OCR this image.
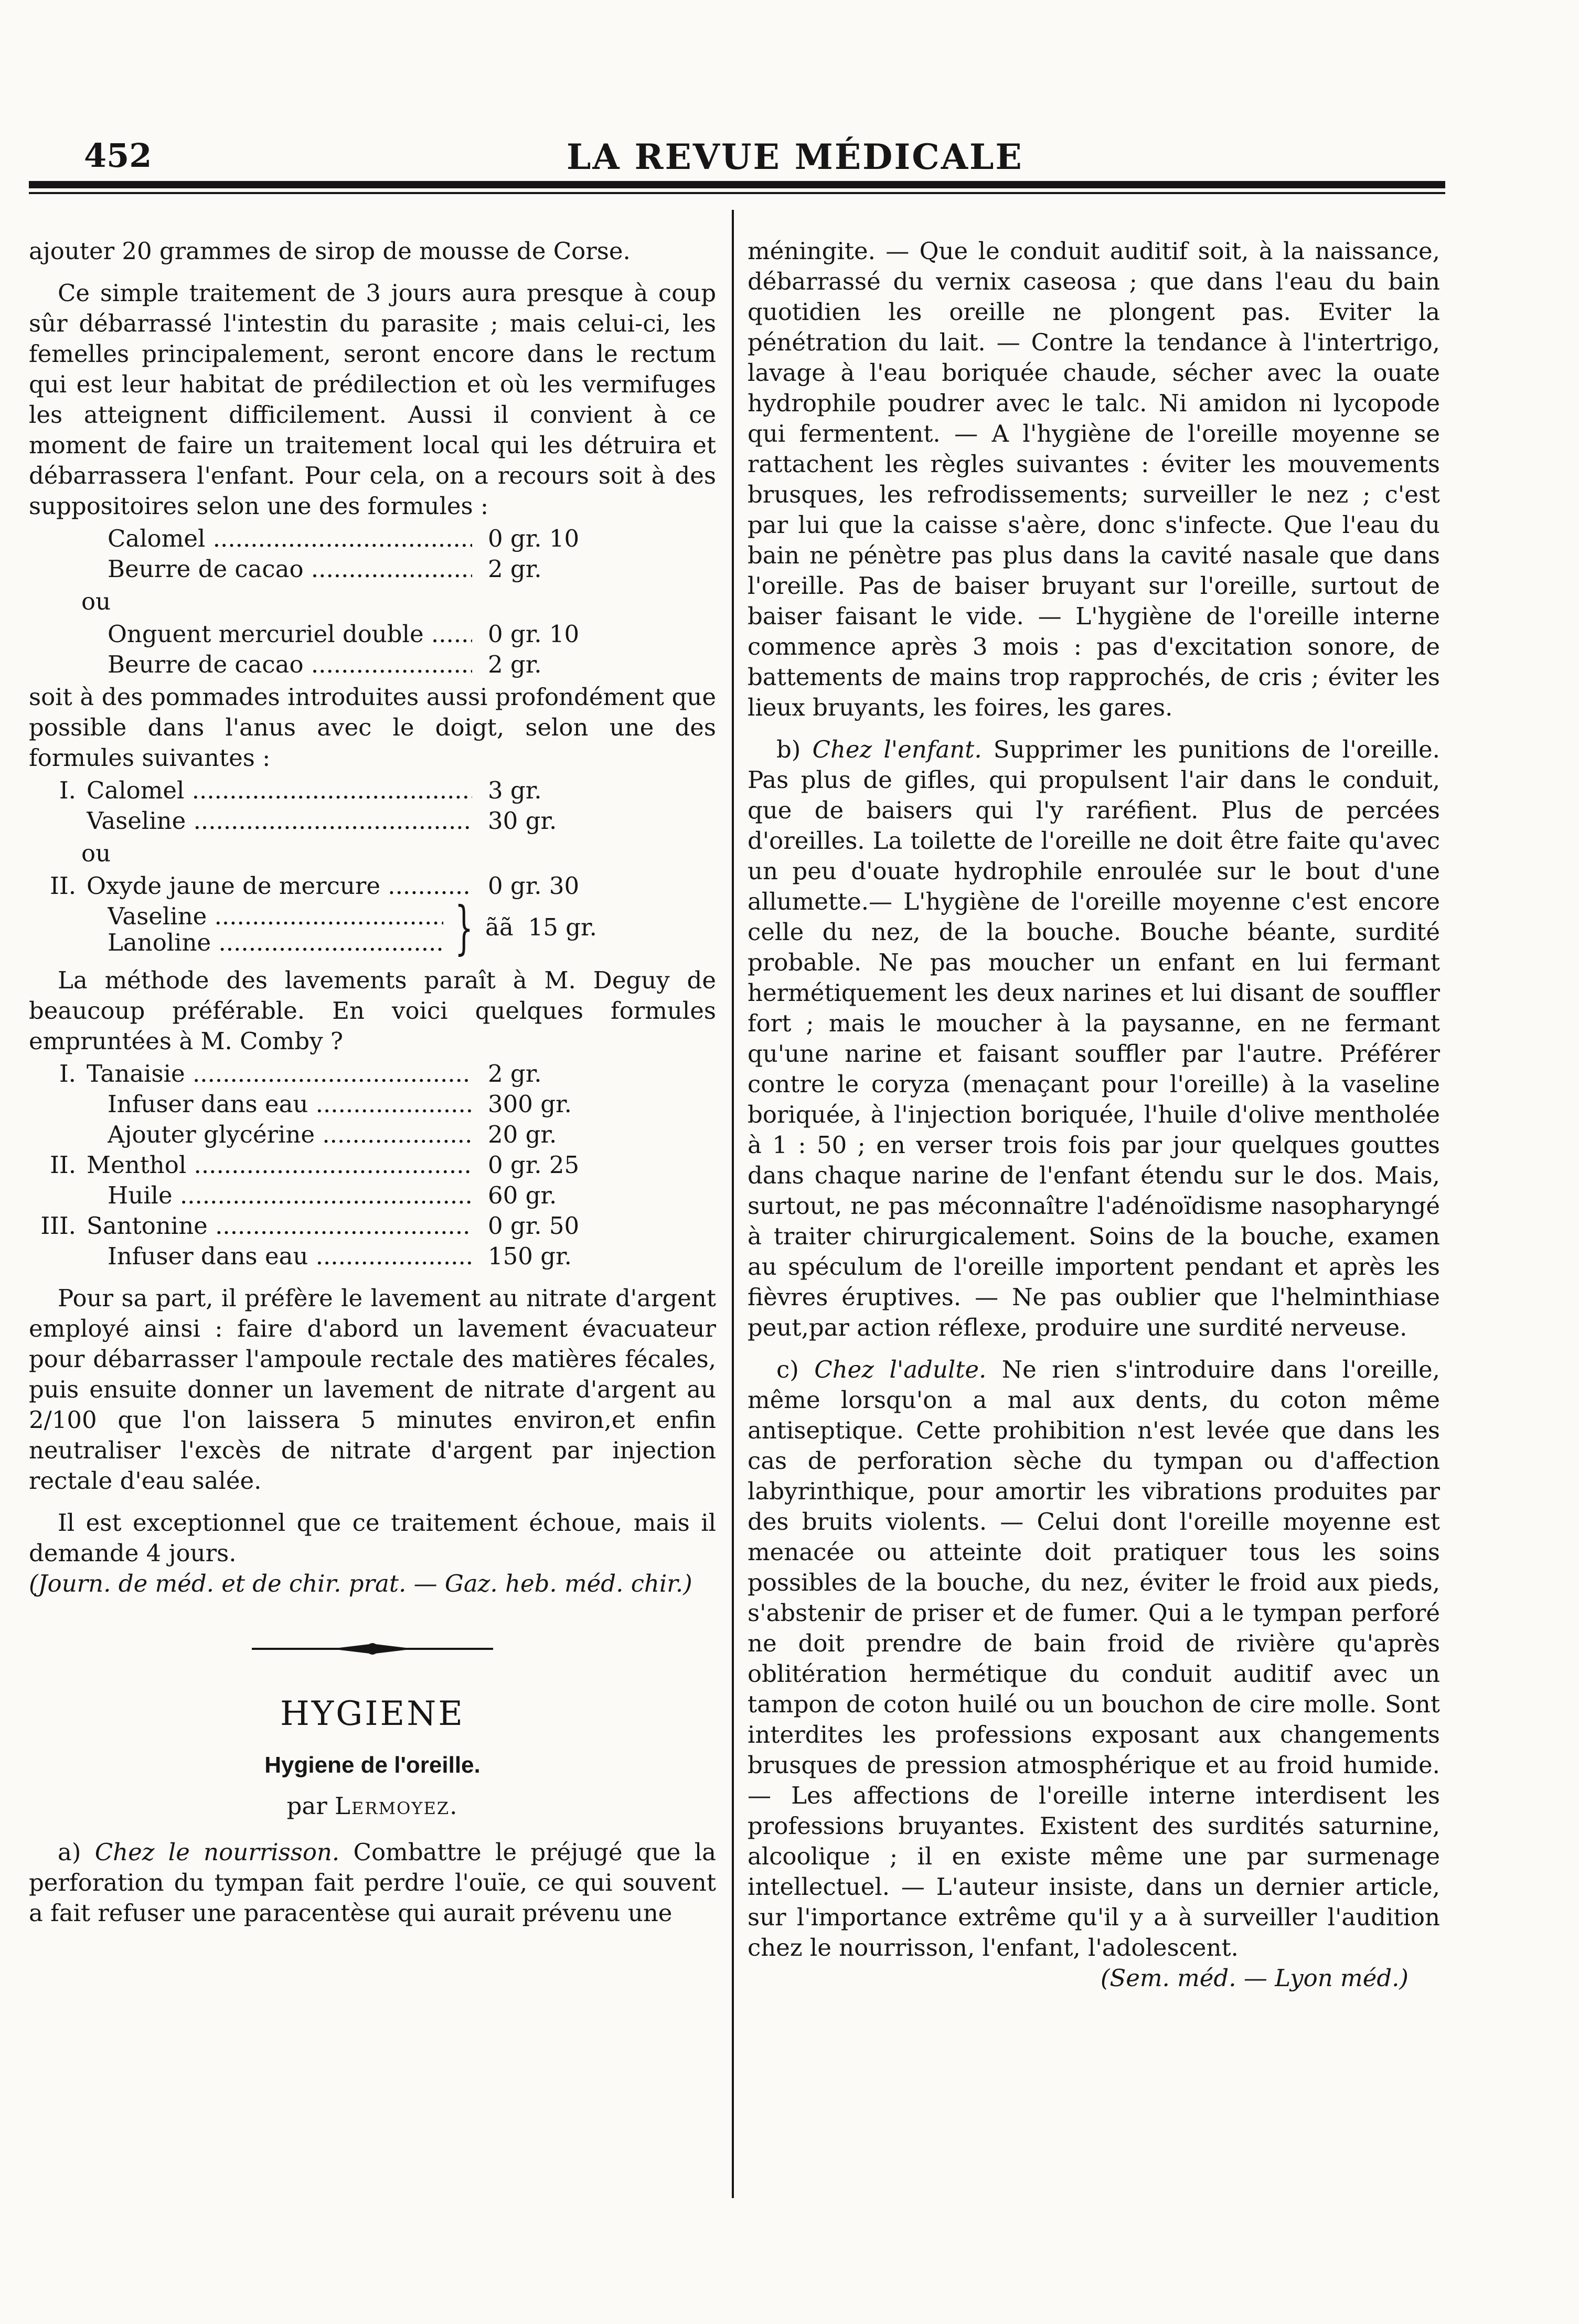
452	LA REVUE MÉDICALE

ajouter 20 grammes de sirop de mousse de Corse.

Ce simple traitement de 3 jours aura presque à coup sûr débarrassé l'intestin du parasite ; mais celui-ci, les femelles principalement, seront encore dans le rectum qui est leur habitat de prédilection et où les vermifuges les atteignent difficilement. Aussi il convient à ce moment de faire un traitement local qui les détruira et débarrassera l'enfant. Pour cela, on a recours soit à des suppositoires selon une des formules :

Calomel .....	0 gr. 10
Beurre de cacao .....	2 gr.
ou
Onguent mercuriel double .....	0 gr. 10
Beurre de cacao .....	2 gr.

soit à des pommades introduites aussi profondément que possible dans l'anus avec le doigt, selon une des formules suivantes :

I. Calomel .....	3 gr.
Vaseline .....	30 gr.
ou
II. Oxyde jaune de mercure .....	0 gr. 30
Vaseline .....
Lanoline .....	} ãã 15 gr.

La méthode des lavements paraît à M. Deguy de beaucoup préférable. En voici quelques formules empruntées à M. Comby ?

I. Tanaisie .....	2 gr.
Infuser dans eau .....	300 gr.
Ajouter glycérine .....	20 gr.
II. Menthol .....	0 gr. 25
Huile .....	60 gr.
III. Santonine .....	0 gr. 50
Infuser dans eau .....	150 gr.

Pour sa part, il préfère le lavement au nitrate d'argent employé ainsi : faire d'abord un lavement évacuateur pour débarrasser l'ampoule rectale des matières fécales, puis ensuite donner un lavement de nitrate d'argent au 2/100 que l'on laissera 5 minutes environ,et enfin neutraliser l'excès de nitrate d'argent par injection rectale d'eau salée.

Il est exceptionnel que ce traitement échoue, mais il demande 4 jours.

(Journ. de méd. et de chir. prat. — Gaz. heb. méd. chir.)

HYGIENE
Hygiene de l'oreille.
par Lermoyez.

a) Chez le nourrisson. Combattre le préjugé que la perforation du tympan fait perdre l'ouïe, ce qui souvent a fait refuser une paracentèse qui aurait prévenu une

méningite. — Que le conduit auditif soit, à la naissance, débarrassé du vernix caseosa ; que dans l'eau du bain quotidien les oreille ne plongent pas. Eviter la pénétration du lait. — Contre la tendance à l'intertrigo, lavage à l'eau boriquée chaude, sécher avec la ouate hydrophile poudrer avec le talc. Ni amidon ni lycopode qui fermentent. — A l'hygiène de l'oreille moyenne se rattachent les règles suivantes : éviter les mouvements brusques, les refrodissements; surveiller le nez ; c'est par lui que la caisse s'aère, donc s'infecte. Que l'eau du bain ne pénètre pas plus dans la cavité nasale que dans l'oreille. Pas de baiser bruyant sur l'oreille, surtout de baiser faisant le vide. — L'hygiène de l'oreille interne commence après 3 mois : pas d'excitation sonore, de battements de mains trop rapprochés, de cris ; éviter les lieux bruyants, les foires, les gares.

b) Chez l'enfant. Supprimer les punitions de l'oreille. Pas plus de gifles, qui propulsent l'air dans le conduit, que de baisers qui l'y raréfient. Plus de percées d'oreilles. La toilette de l'oreille ne doit être faite qu'avec un peu d'ouate hydrophile enroulée sur le bout d'une allumette.— L'hygiène de l'oreille moyenne c'est encore celle du nez, de la bouche. Bouche béante, surdité probable. Ne pas moucher un enfant en lui fermant hermétiquement les deux narines et lui disant de souffler fort ; mais le moucher à la paysanne, en ne fermant qu'une narine et faisant souffler par l'autre. Préférer contre le coryza (menaçant pour l'oreille) à la vaseline boriquée, à l'injection boriquée, l'huile d'olive mentholée à 1 : 50 ; en verser trois fois par jour quelques gouttes dans chaque narine de l'enfant étendu sur le dos. Mais, surtout, ne pas méconnaître l'adénoïdisme nasopharyngé à traiter chirurgicalement. Soins de la bouche, examen au spéculum de l'oreille importent pendant et après les fièvres éruptives. — Ne pas oublier que l'helminthiase peut,par action réflexe, produire une surdité nerveuse.

c) Chez l'adulte. Ne rien s'introduire dans l'oreille, même lorsqu'on a mal aux dents, du coton même antiseptique. Cette prohibition n'est levée que dans les cas de perforation sèche du tympan ou d'affection labyrinthique, pour amortir les vibrations produites par des bruits violents. — Celui dont l'oreille moyenne est menacée ou atteinte doit pratiquer tous les soins possibles de la bouche, du nez, éviter le froid aux pieds, s'abstenir de priser et de fumer. Qui a le tympan perforé ne doit prendre de bain froid de rivière qu'après oblitération hermétique du conduit auditif avec un tampon de coton huilé ou un bouchon de cire molle. Sont interdites les professions exposant aux changements brusques de pression atmosphérique et au froid humide. — Les affections de l'oreille interne interdisent les professions bruyantes. Existent des surdités saturnine, alcoolique ; il en existe même une par surmenage intellectuel. — L'auteur insiste, dans un dernier article, sur l'importance extrême qu'il y a à surveiller l'audition chez le nourrisson, l'enfant, l'adolescent.

(Sem. méd. — Lyon méd.)
